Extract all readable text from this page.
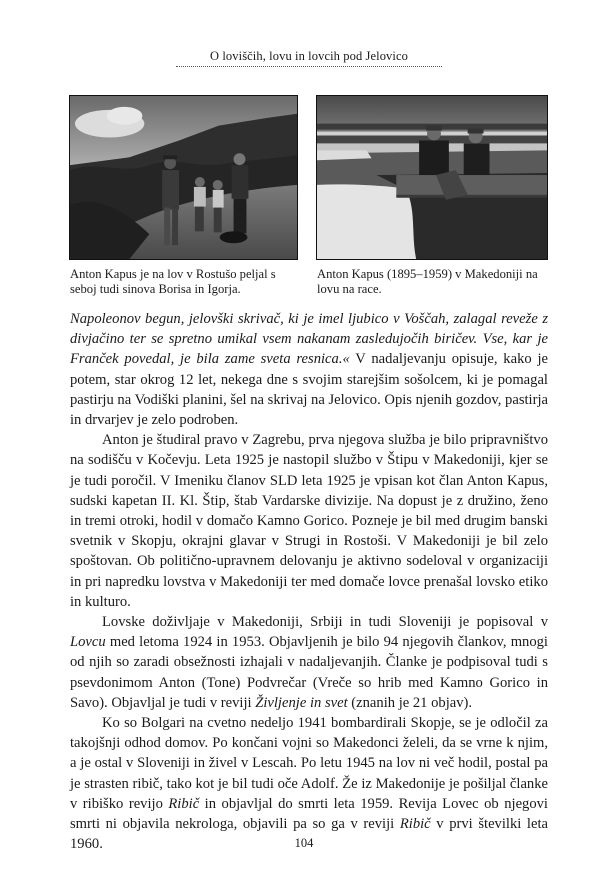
O loviščih, lovu in lovcih pod Jelovico
Anton Kapus je na lov v Rostušo peljal s seboj tudi sinova Borisa in Igorja.
Anton Kapus (1895–1959) v Makedoniji na lovu na race.

Napoleonov begun, jelovški skrivač, ki je imel ljubico v Voščah, zalagal reveže z divjačino ter se spretno umikal vsem nakanam zasledujočih biričev. Vse, kar je Franček povedal, je bila zame sveta resnica.« V nadaljevanju opisuje, kako je potem, star okrog 12 let, nekega dne s svojim starejšim sošolcem, ki je pomagal pastirju na Vodiški planini, šel na skrivaj na Jelovico. Opis njenih gozdov, pastirja in drvarjev je zelo podroben.

Anton je študiral pravo v Zagrebu, prva njegova služba je bilo pripravništvo na sodišču v Kočevju. Leta 1925 je nastopil službo v Štipu v Makedoniji, kjer se je tudi poročil. V Imeniku članov SLD leta 1925 je vpisan kot član Anton Kapus, sudski kapetan II. Kl. Štip, štab Vardarske divizije. Na dopust je z družino, ženo in tremi otroki, hodil v domačo Kamno Gorico. Pozneje je bil med drugim banski svetnik v Skopju, okrajni glavar v Strugi in Rostoši. V Makedoniji je bil zelo spoštovan. Ob politično-upravnem delovanju je aktivno sodeloval v organizaciji in pri napredku lovstva v Makedoniji ter med domače lovce prenašal lovsko etiko in kulturo.

Lovske doživljaje v Makedoniji, Srbiji in tudi Sloveniji je popisoval v Lovcu med letoma 1924 in 1953. Objavljenih je bilo 94 njegovih člankov, mnogi od njih so zaradi obsežnosti izhajali v nadaljevanjih. Članke je podpisoval tudi s psevdonimom Anton (Tone) Podvrečar (Vreče so hrib med Kamno Gorico in Savo). Objavljal je tudi v reviji Življenje in svet (znanih je 21 objav).

Ko so Bolgari na cvetno nedeljo 1941 bombardirali Skopje, se je odločil za takojšnji odhod domov. Po končani vojni so Makedonci želeli, da se vrne k njim, a je ostal v Sloveniji in živel v Lescah. Po letu 1945 na lov ni več hodil, postal pa je strasten ribič, tako kot je bil tudi oče Adolf. Že iz Makedonije je pošiljal članke v ribiško revijo Ribič in objavljal do smrti leta 1959. Revija Lovec ob njegovi smrti ni objavila nekrologa, objavili pa so ga v reviji Ribič v prvi številki leta 1960.	104
